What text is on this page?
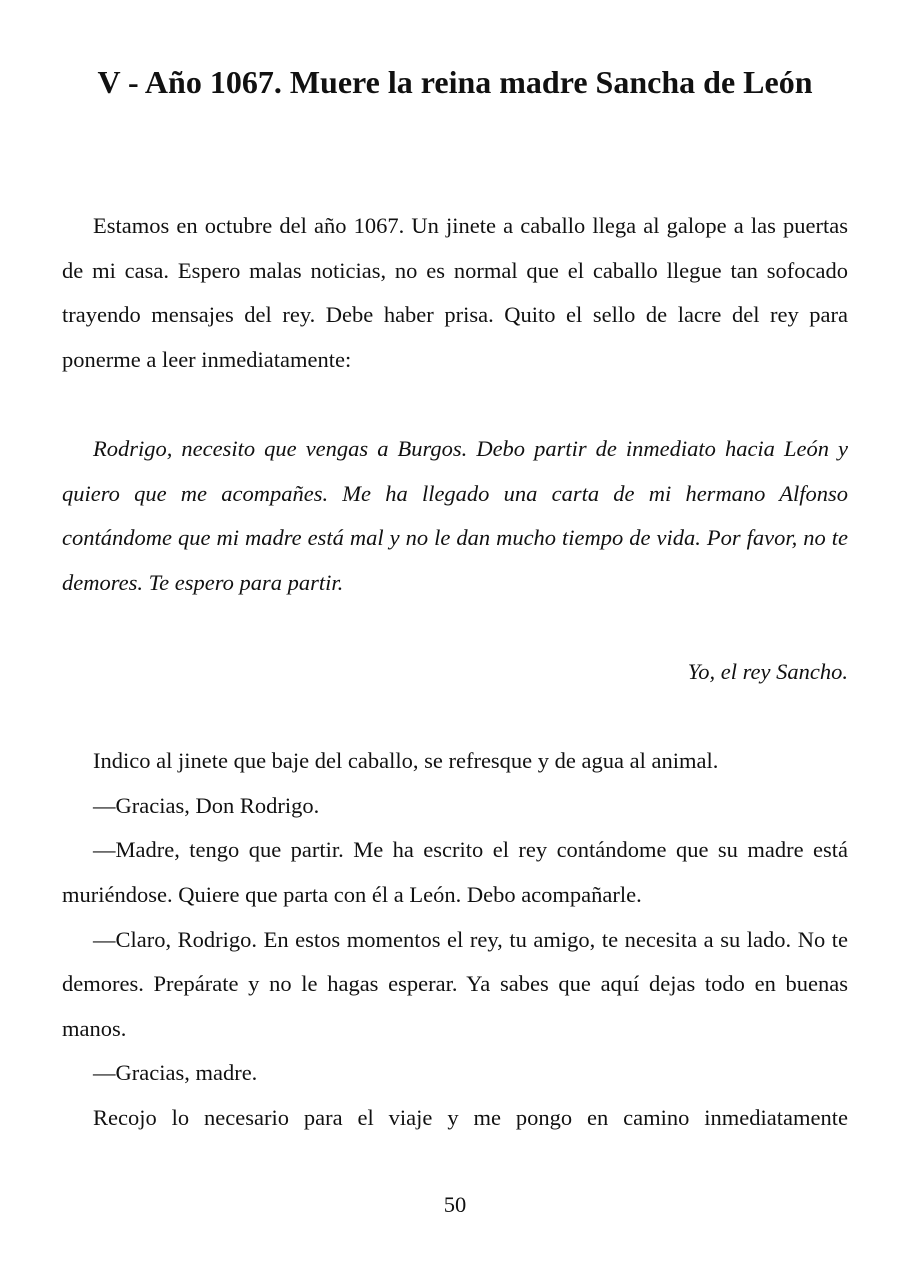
V - Año 1067. Muere la reina madre Sancha de León

Estamos en octubre del año 1067. Un jinete a caballo llega al galope a las puertas de mi casa. Espero malas noticias, no es normal que el caballo llegue tan sofocado trayendo mensajes del rey. Debe haber prisa. Quito el sello de lacre del rey para ponerme a leer inmediatamente:

Rodrigo, necesito que vengas a Burgos. Debo partir de inmediato hacia León y quiero que me acompañes. Me ha llegado una carta de mi hermano Alfonso contándome que mi madre está mal y no le dan mucho tiempo de vida. Por favor, no te demores. Te espero para partir.

Yo, el rey Sancho.

Indico al jinete que baje del caballo, se refresque y de agua al animal.

—Gracias, Don Rodrigo.

—Madre, tengo que partir. Me ha escrito el rey contándome que su madre está muriéndose. Quiere que parta con él a León. Debo acompañarle.

—Claro, Rodrigo. En estos momentos el rey, tu amigo, te necesita a su lado. No te demores. Prepárate y no le hagas esperar. Ya sabes que aquí dejas todo en buenas manos.

—Gracias, madre.

Recojo lo necesario para el viaje y me pongo en camino inmediatamente

50
